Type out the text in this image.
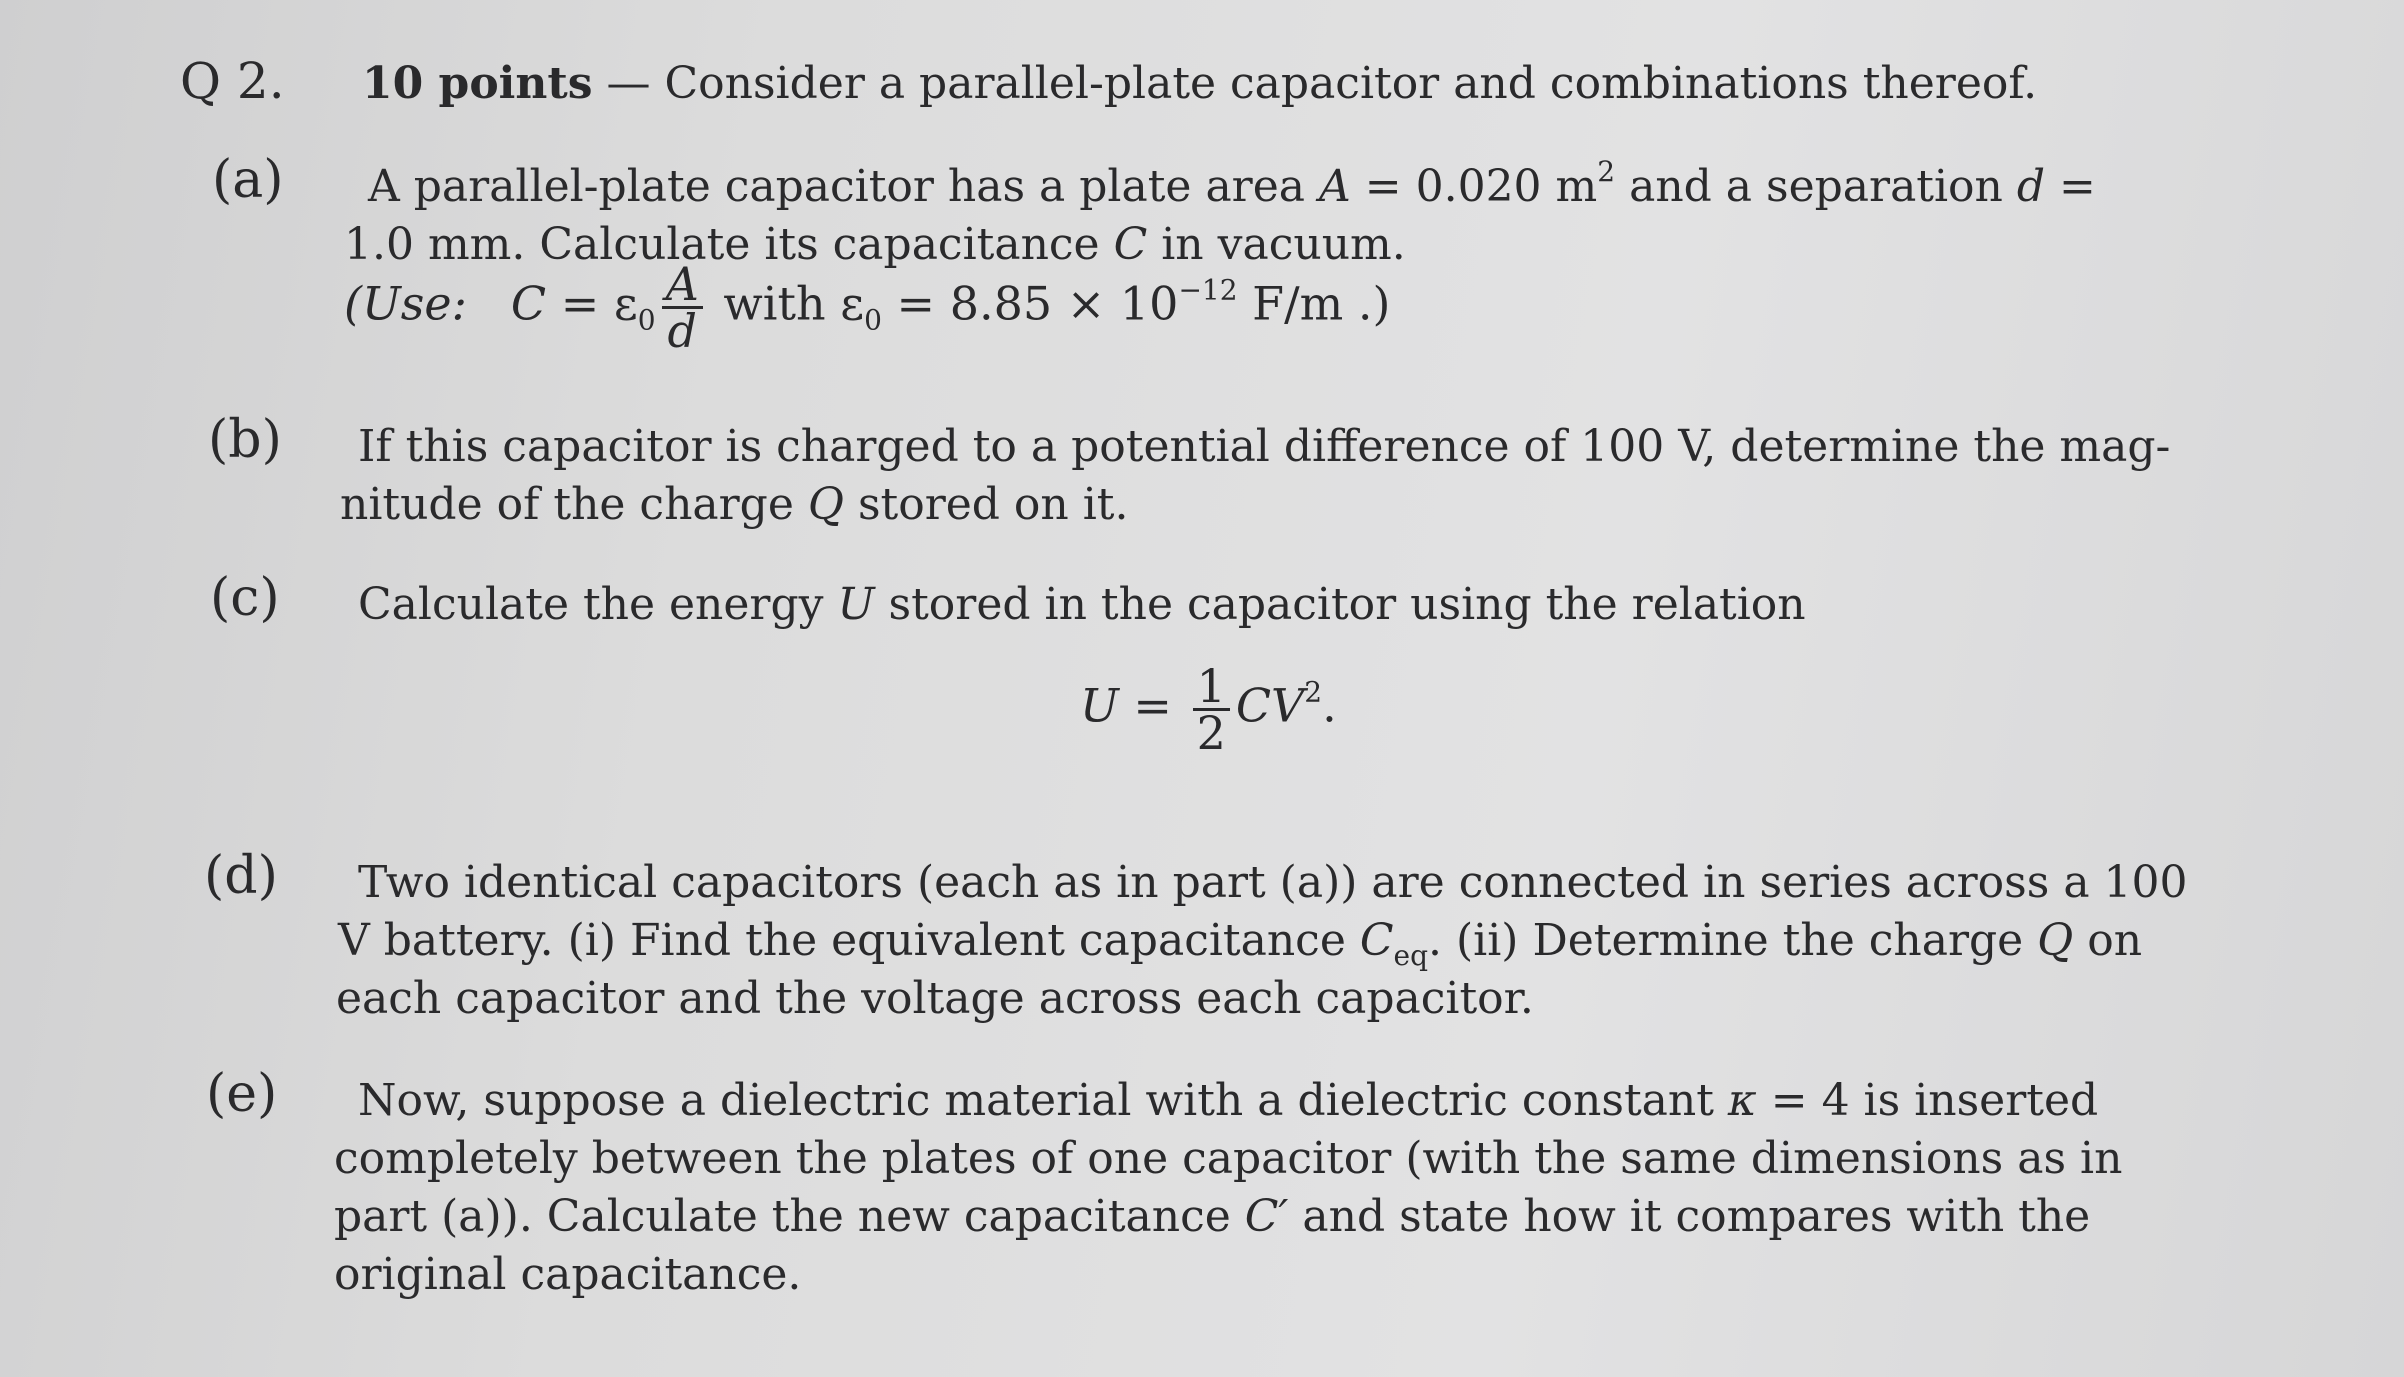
Q 2. 10 points — Consider a parallel-plate capacitor and combinations thereof.
(a) A parallel-plate capacitor has a plate area A = 0.020 $m^2$ and a separation d =
1.0 mm. Calculate its capacitance C in vacuum.
(Use: $C = \varepsilon_0 \frac{A}{d}$ with $\varepsilon_0 = 8.85 \times 10^{-12}$ F/m .)
(b) If this capacitor is charged to a potential difference of 100 V, determine the mag-
nitude of the charge Q stored on it.
(c) Calculate the energy U stored in the capacitor using the relation
$U = \frac{1}{2} CV^2$.
(d) Two identical capacitors (each as in part (a)) are connected in series across a 100
V battery. (i) Find the equivalent capacitance $C_{eq}$. (ii) Determine the charge Q on
each capacitor and the voltage across each capacitor.
(e) Now, suppose a dielectric material with a dielectric constant κ = 4 is inserted
completely between the plates of one capacitor (with the same dimensions as in
part (a)). Calculate the new capacitance C′ and state how it compares with the
original capacitance.
